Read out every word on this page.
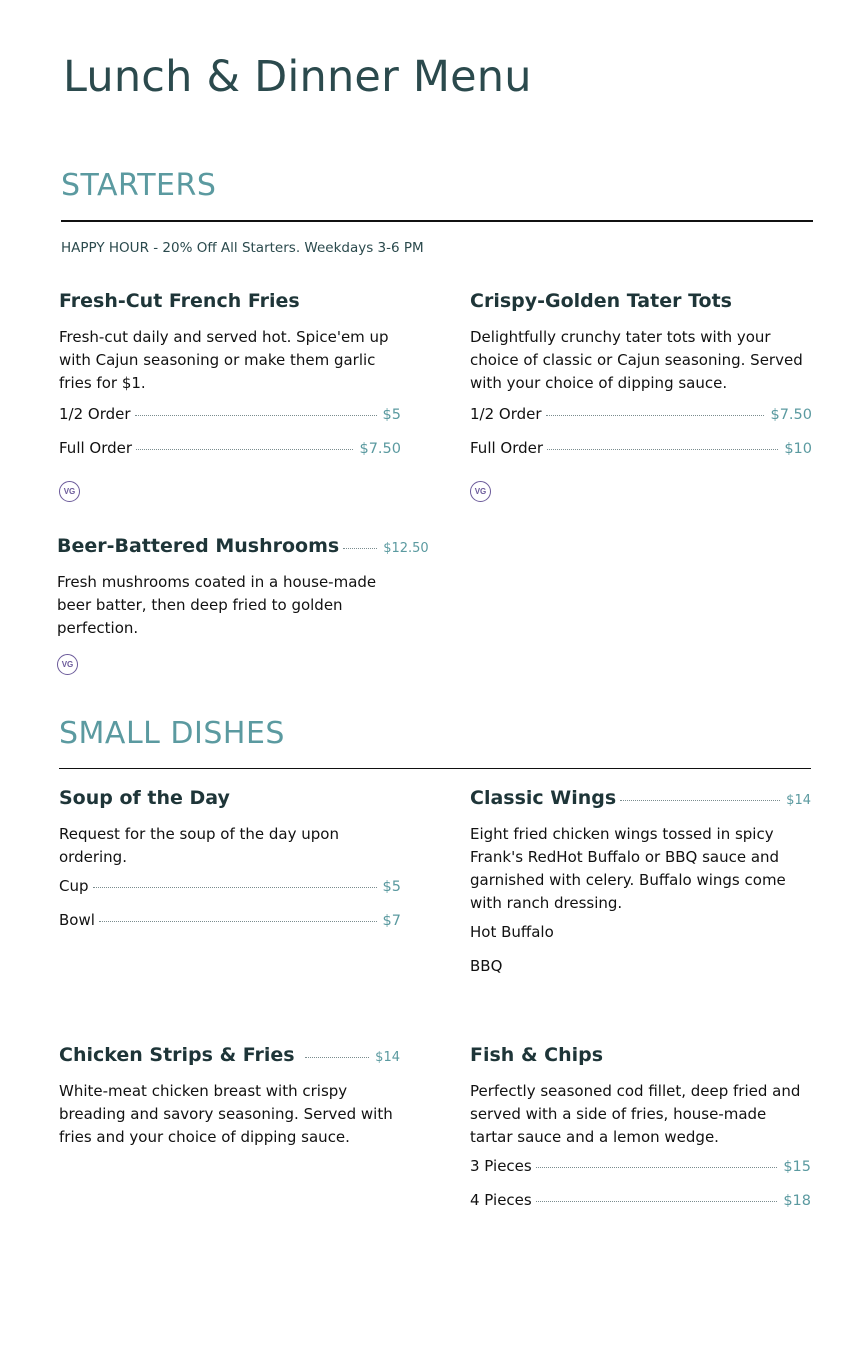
Lunch & Dinner Menu
STARTERS
HAPPY HOUR - 20% Off All Starters. Weekdays 3-6 PM
Fresh-Cut French Fries

Fresh-cut daily and served hot. Spice'em up with Cajun seasoning or make them garlic fries for $1.

1/2 Order	$5
Full Order	$7.50
VG
Crispy-Golden Tater Tots

Delightfully crunchy tater tots with your choice of classic or Cajun seasoning. Served with your choice of dipping sauce.

1/2 Order	$7.50
Full Order	$10
VG
Beer-Battered Mushrooms	$12.50

Fresh mushrooms coated in a house-made beer batter, then deep fried to golden perfection.

VG
SMALL DISHES
Soup of the Day

Request for the soup of the day upon ordering.

Cup	$5
Bowl	$7
Classic Wings	$14

Eight fried chicken wings tossed in spicy Frank's RedHot Buffalo or BBQ sauce and garnished with celery. Buffalo wings come with ranch dressing.

Hot Buffalo
BBQ
Chicken Strips & Fries	$14

White-meat chicken breast with crispy breading and savory seasoning. Served with fries and your choice of dipping sauce.

Fish & Chips

Perfectly seasoned cod fillet, deep fried and served with a side of fries, house-made tartar sauce and a lemon wedge.

3 Pieces	$15
4 Pieces	$18
